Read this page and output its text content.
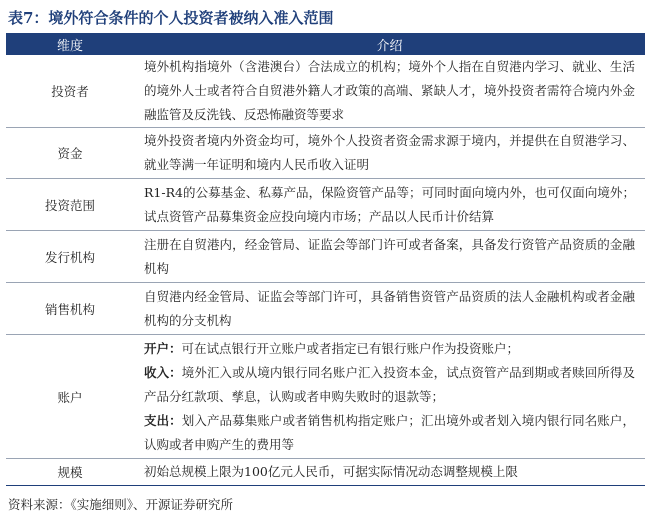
表7：境外符合条件的个人投资者被纳入准入范围
维度	介绍
投资者	境外机构指境外（含港澳台）合法成立的机构；境外个人指在自贸港内学习、就业、生活的境外人士或者符合自贸港外籍人才政策的高端、紧缺人才，境外投资者需符合境内外金融监管及反洗钱、反恐怖融资等要求
资金	境外投资者境内外资金均可，境外个人投资者资金需求源于境内，并提供在自贸港学习、就业等满一年证明和境内人民币收入证明
投资范围	R1-R4的公募基金、私募产品，保险资管产品等；可同时面向境内外，也可仅面向境外；试点资管产品募集资金应投向境内市场；产品以人民币计价结算
发行机构	注册在自贸港内，经金管局、证监会等部门许可或者备案，具备发行资管产品资质的金融机构
销售机构	自贸港内经金管局、证监会等部门许可，具备销售资管产品资质的法人金融机构或者金融机构的分支机构
账户	开户：可在试点银行开立账户或者指定已有银行账户作为投资账户；
收入：境外汇入或从境内银行同名账户汇入投资本金，试点资管产品到期或者赎回所得及产品分红款项、孳息，认购或者申购失败时的退款等；
支出：划入产品募集账户或者销售机构指定账户；汇出境外或者划入境内银行同名账户，认购或者申购产生的费用等

规模	初始总规模上限为100亿元人民币，可据实际情况动态调整规模上限
资料来源：《实施细则》、开源证券研究所
